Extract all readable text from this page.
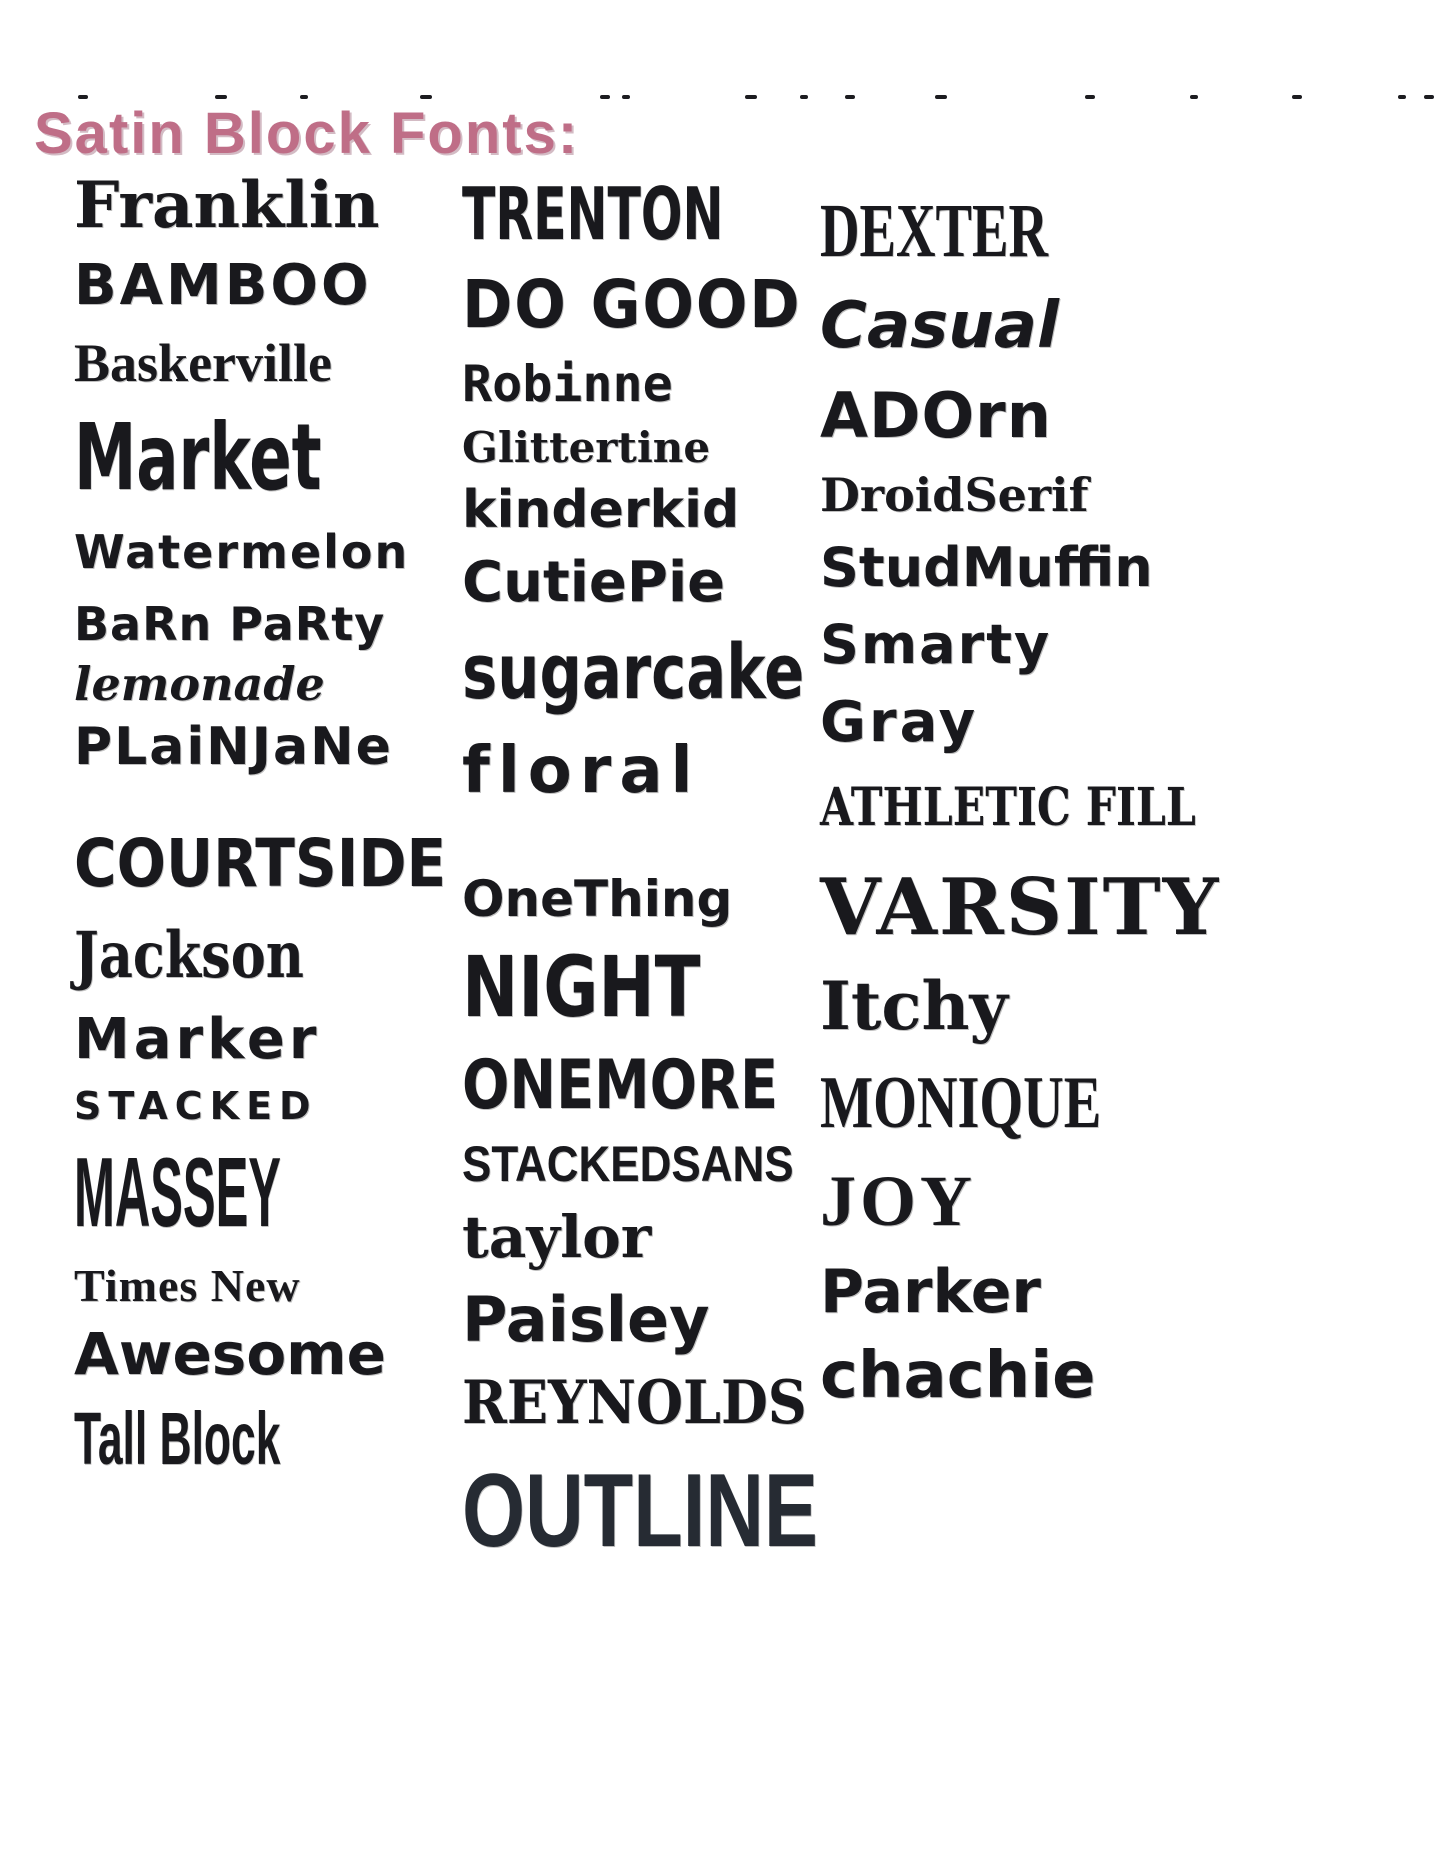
Satin Block Fonts:
Franklin
BAMBOO
Baskerville
Market
Watermelon
BaRn PaRty
lemonade
PLaiNJaNe
COURTSIDE
Jackson
Marker
STACKED
MASSEY
Times New
Awesome
Tall Block
TRENTON
DO GOOD
Robinne
Glittertine
kinderkid
CutiePie
sugarcake
floral
OneThing
NIGHT
ONEMORE
STACKEDSANS
taylor
Paisley
REYNOLDS
OUTLINE
DEXTER
Casual
ADOrn
DroidSerif
StudMuffin
Smarty
Gray
ATHLETIC FILL
VARSITY
Itchy
MONIQUE
JOY
Parker
chachie
